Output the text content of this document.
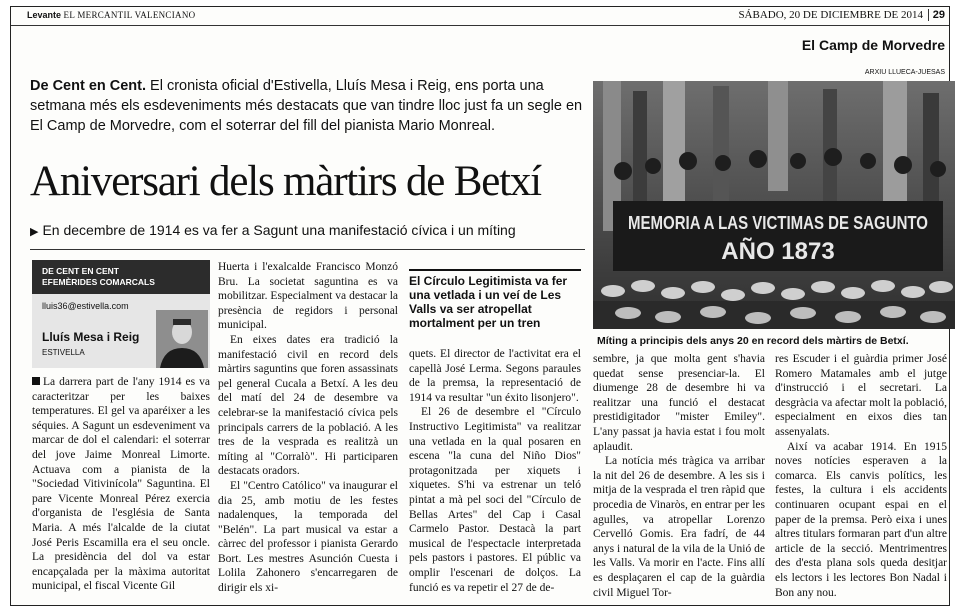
Levante EL MERCANTIL VALENCIANO	SÁBADO, 20 DE DICIEMBRE DE 2014 29
El Camp de Morvedre
ARXIU LLUECA-JUESAS
De Cent en Cent. El cronista oficial d'Estivella, Lluís Mesa i Reig, ens porta una setmana més els esdeveniments més destacats que van tindre lloc just fa un segle en El Camp de Morvedre, com el soterrar del fill del pianista Mario Monreal.
Aniversari dels màrtirs de Betxí
▶ En decembre de 1914 es va fer a Sagunt una manifestació cívica i un míting	MEMORIA A LAS VICTIMAS DE SAGUNTO
AÑO 1873
Míting a principis dels anys 20 en record dels màrtirs de Betxí.
DE CENT EN CENT
EFEMÈRIDES COMARCALS
lluis36@estivella.com
Lluís Mesa i Reig
ESTIVELLA

La darrera part de l'any 1914 es va caracteritzar per les baixes temperatures. El gel va aparéixer a les séquies. A Sagunt un esdeveniment va marcar de dol el calendari: el soterrar del jove Jaime Monreal Limorte. Actuava com a pianista de la "Sociedad Vitivinícola" Saguntina. El pare Vicente Monreal Pérez exercia d'organista de l'església de Santa Maria. A més l'alcalde de la ciutat José Peris Escamilla era el seu oncle. La presidència del dol va estar encapçalada per la màxima autoritat municipal, el fiscal Vicente Gil

Huerta i l'exalcalde Francisco Monzó Bru. La societat saguntina es va mobilitzar. Especialment va destacar la presència de regidors i personal municipal.

En eixes dates era tradició la manifestació civil en record dels màrtirs saguntins que foren assassinats pel general Cucala a Betxí. A les deu del matí del 24 de desembre va celebrar-se la manifestació cívica pels principals carrers de la població. A les tres de la vesprada es realitzà un míting al "Corralò". Hi participaren destacats oradors.

El "Centro Católico" va inaugurar el dia 25, amb motiu de les festes nadalenques, la temporada del "Belén". La part musical va estar a càrrec del professor i pianista Gerardo Bort. Les mestres Asunción Cuesta i Lolila Zahonero s'encarregaren de dirigir els xi-

El Círculo Legitimista va fer una vetlada i un veí de Les Valls va ser atropellat mortalment per un tren

quets. El director de l'activitat era el capellà José Lerma. Segons paraules de la premsa, la representació de 1914 va resultar "un éxito lisonjero".

El 26 de desembre el "Círculo Instructivo Legitimista" va realitzar una vetlada en la qual posaren en escena "la cuna del Niño Dios" protagonitzada per xiquets i xiquetes. S'hi va estrenar un teló pintat a mà pel soci del "Círculo de Bellas Artes" del Cap i Casal Carmelo Pastor. Destacà la part musical de l'espectacle interpretada pels pastors i pastores. El públic va omplir l'escenari de dolços. La funció es va repetir el 27 de de-

sembre, ja que molta gent s'havia quedat sense presenciar-la. El diumenge 28 de desembre hi va realitzar una funció el destacat prestidigitador "mister Emiley". L'any passat ja havia estat i fou molt aplaudit.

La notícia més tràgica va arribar la nit del 26 de desembre. A les sis i mitja de la vesprada el tren ràpid que procedia de Vinaròs, en entrar per les agulles, va atropellar Lorenzo Cervelló Gomis. Era fadrí, de 44 anys i natural de la vila de la Unió de les Valls. Va morir en l'acte. Fins allí es desplaçaren el cap de la guàrdia civil Miguel Tor-

res Escuder i el guàrdia primer José Romero Matamales amb el jutge d'instrucció i el secretari. La desgràcia va afectar molt la població, especialment en eixos dies tan assenyalats.

Així va acabar 1914. En 1915 noves notícies esperaven a la comarca. Els canvis polítics, les festes, la cultura i els accidents continuaren ocupant espai en el paper de la premsa. Però eixa i unes altres titulars formaran part d'un altre article de la secció. Mentrimentres des d'esta plana sols queda desitjar els lectors i les lectores Bon Nadal i Bon any nou.
